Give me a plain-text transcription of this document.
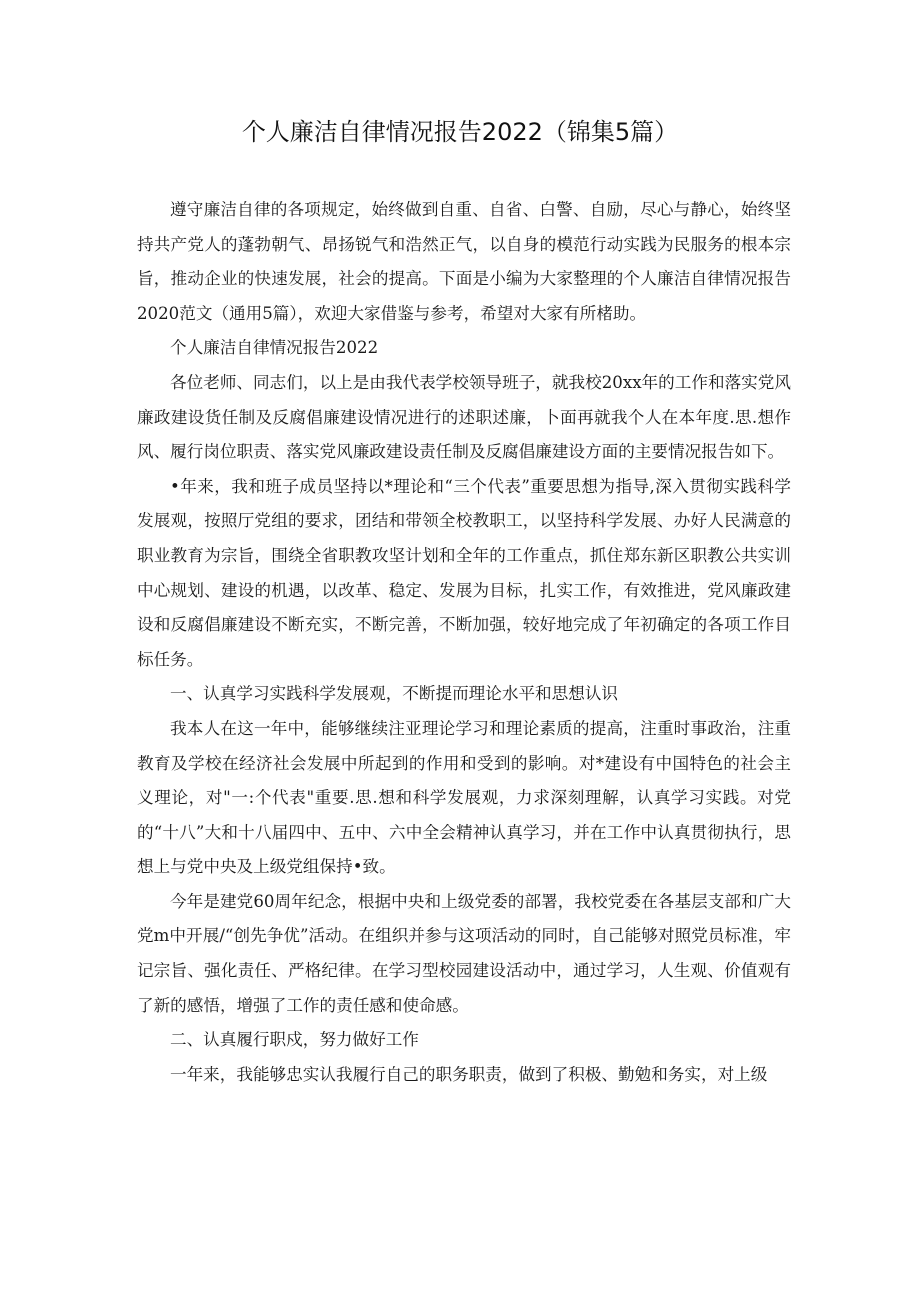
个人廉洁自律情况报告2022（锦集5篇）

遵守廉洁自律的各项规定，始终做到自重、自省、白警、自励，尽心与静心，始终坚持共产党人的蓬勃朝气、昂扬锐气和浩然正气，以自身的模范行动实践为民服务的根本宗旨，推动企业的快速发展，社会的提高。下面是小编为大家整理的个人廉洁自律情况报告2020范文（通用5篇），欢迎大家借鉴与参考，希望对大家有所楮助。

个人廉洁自律情况报告2022

各位老师、同志们，以上是由我代表学校领导班子，就我校20xx年的工作和落实党风廉政建设货任制及反腐倡廉建设情况进行的述职述廉，卜面再就我个人在本年度.思.想作风、履行岗位职责、落实党风廉政建设责任制及反腐倡廉建设方面的主要情况报告如下。

•年来，我和班子成员坚持以*理论和“三个代表”重要思想为指导,深入贯彻实践科学发展观，按照厅党组的要求，团结和带领全校教职工，以坚持科学发展、办好人民满意的职业教育为宗旨，围绕全省职教攻坚计划和全年的工作重点，抓住郑东新区职教公共实训中心规划、建设的机遇，以改革、稳定、发展为目标，扎实工作，有效推进，党风廉政建设和反腐倡廉建设不断充实，不断完善，不断加强，较好地完成了年初确定的各项工作目标任务。

一、认真学习实践科学发展观，不断提而理论水平和思想认识

我本人在这一年中，能够继续注亚理论学习和理论素质的提高，注重时事政治，注重教育及学校在经济社会发展中所起到的作用和受到的影响。对*建设有中国特色的社会主义理论，对"一:个代表"重要.思.想和科学发展观，力求深刻理解，认真学习实践。对党的“十八”大和十八届四中、五中、六中全会精神认真学习，并在工作中认真贯彻执行，思想上与党中央及上级党组保持•致。

今年是建党60周年纪念，根据中央和上级党委的部署，我校党委在各基层支部和广大党m中开展/“创先争优”活动。在组织并参与这项活动的同时，自己能够对照党员标准，牢记宗旨、强化责任、严格纪律。在学习型校园建设活动中，通过学习，人生观、价值观有了新的感悟，增强了工作的责任感和使命感。

二、认真履行职戍，努力做好工作

一年来，我能够忠实认我履行自己的职务职责，做到了积极、勤勉和务实，对上级
